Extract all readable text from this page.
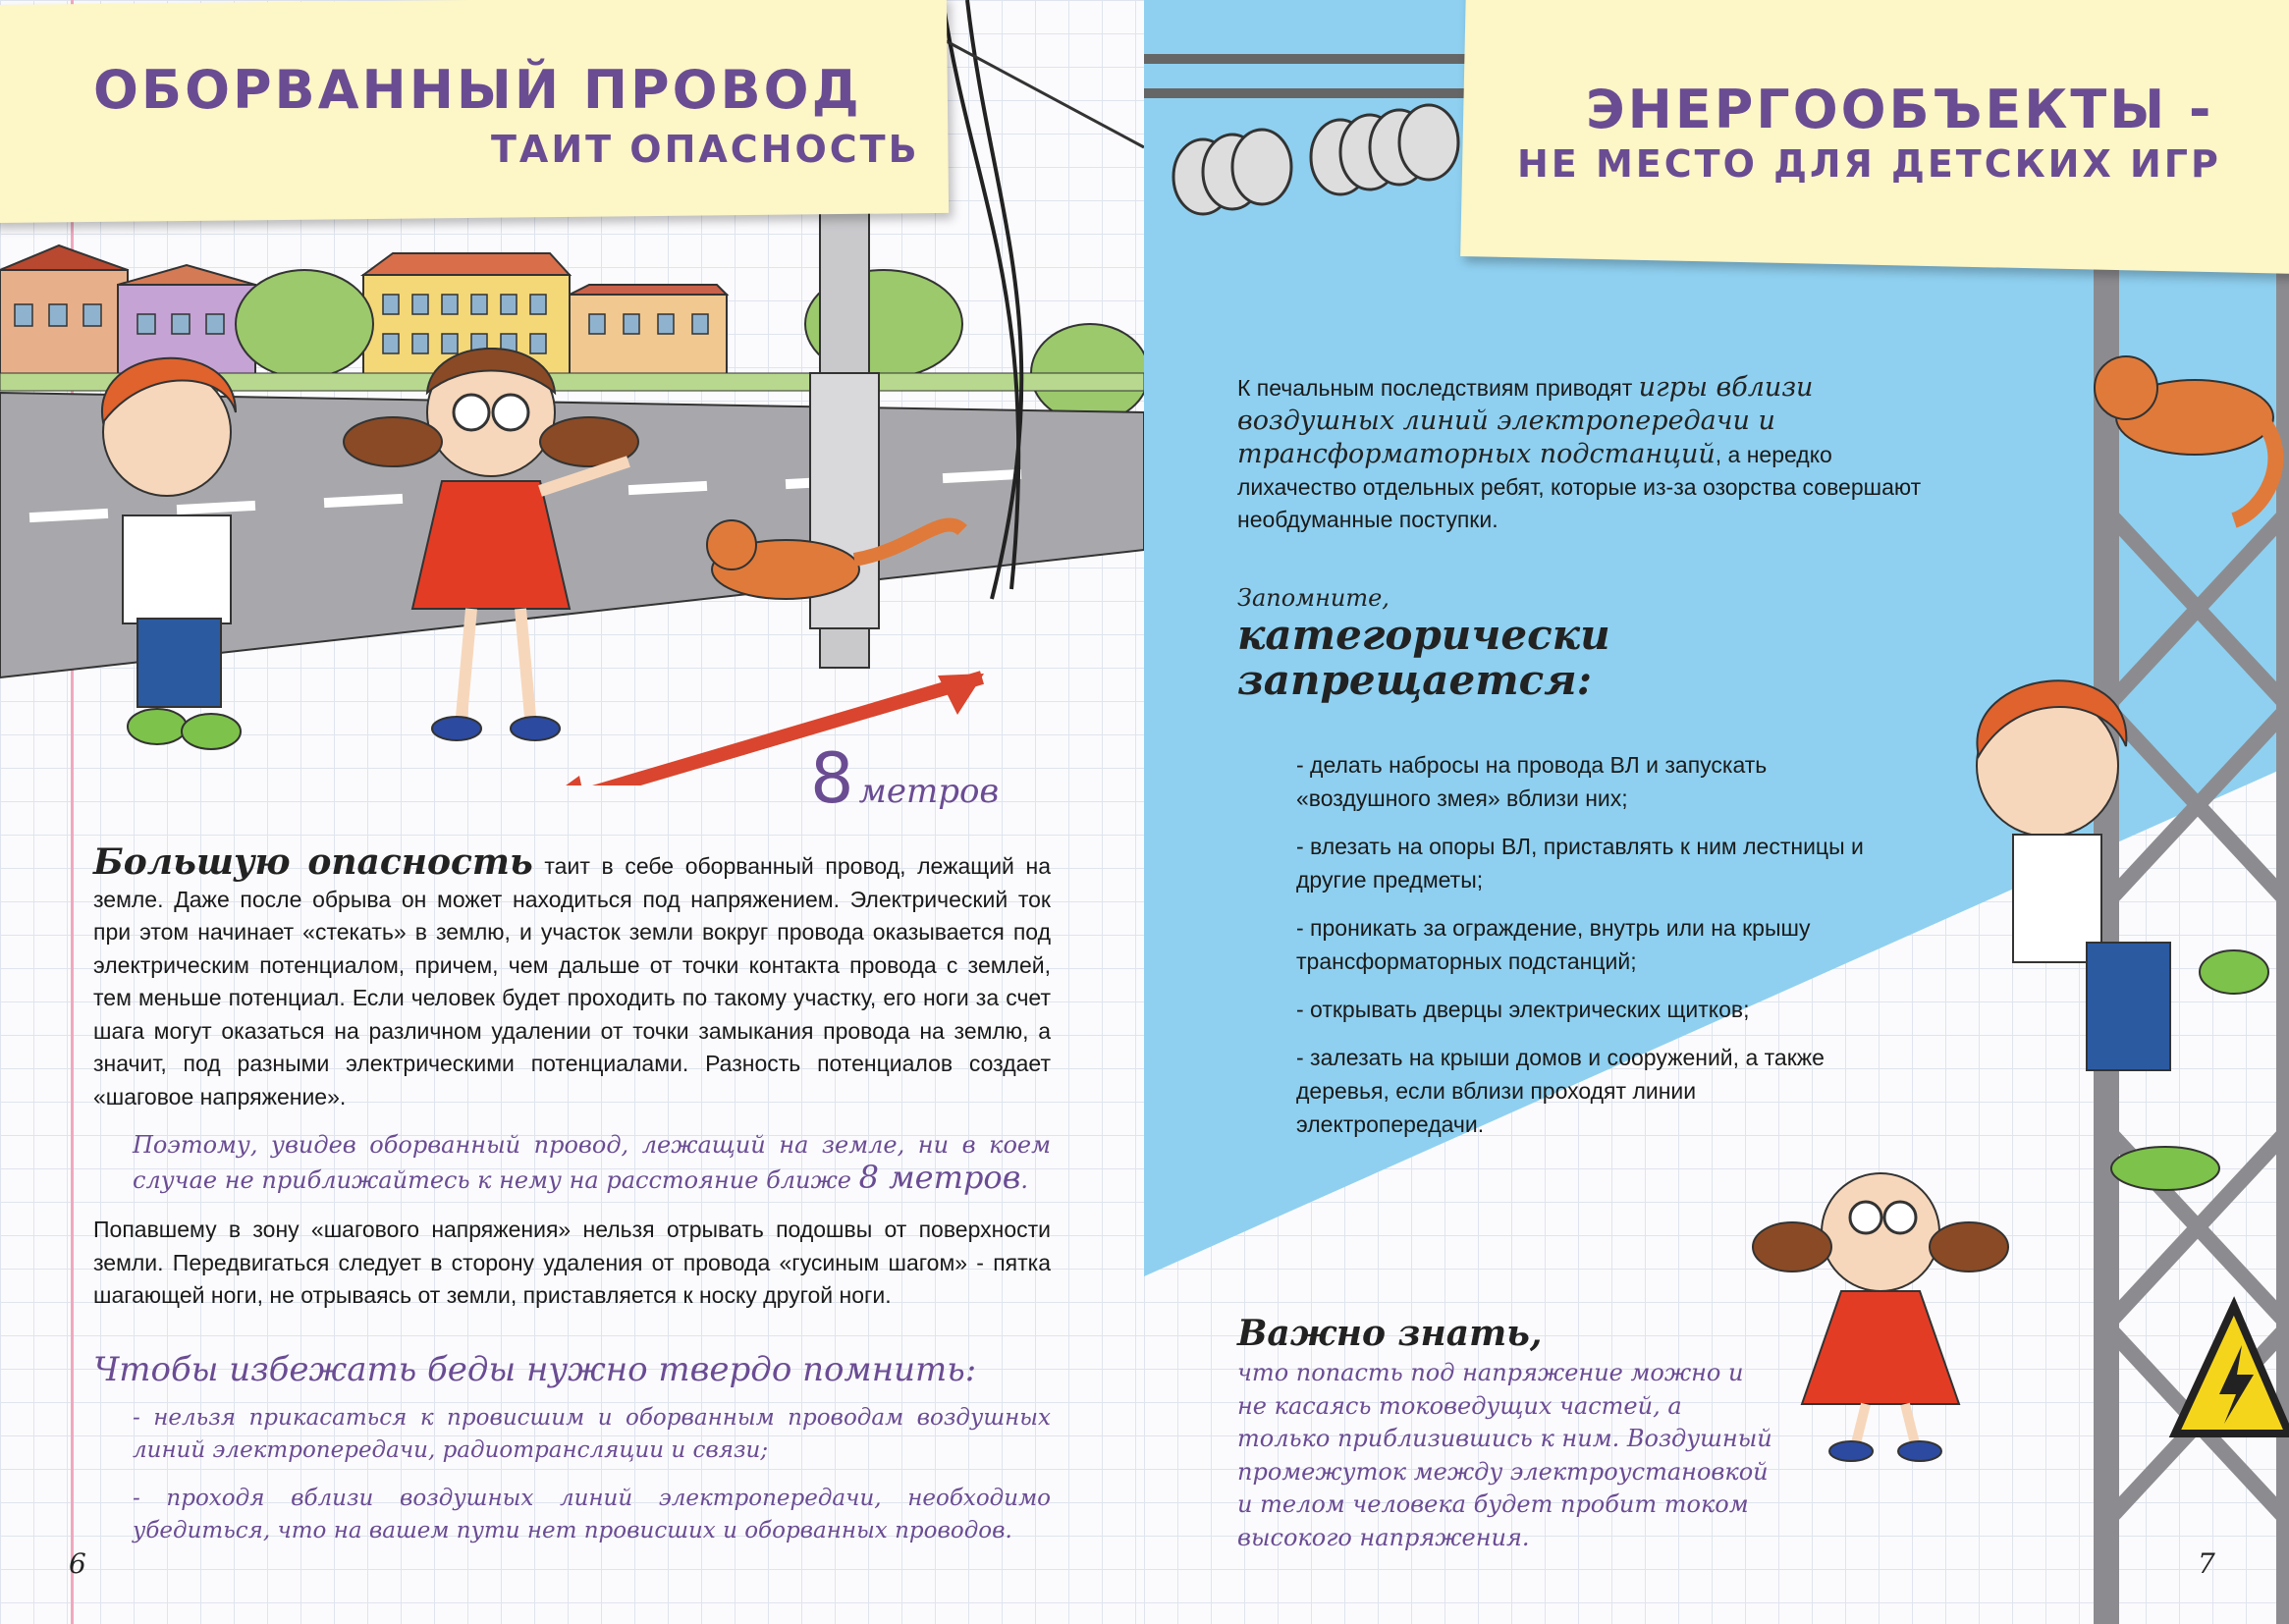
ОБОРВАННЫЙ ПРОВОД
ТАИТ ОПАСНОСТЬ
8 метров
Большую опасность таит в себе оборванный провод, лежащий на земле. Даже после обрыва он может находиться под напряжением. Электрический ток при этом начинает «стекать» в землю, и участок земли вокруг провода оказывается под электрическим потенциалом, причем, чем дальше от точки контакта провода с землей, тем меньше потенциал. Если человек будет проходить по такому участку, его ноги за счет шага могут оказаться на различном удалении от точки замыкания провода на землю, а значит, под разными электрическими потенциалами. Разность потенциалов создает «шаговое напряжение».
Поэтому, увидев оборванный провод, лежащий на земле, ни в коем случае не приближайтесь к нему на расстояние ближе 8 метров.
Попавшему в зону «шагового напряжения» нельзя отрывать подошвы от поверхности земли. Передвигаться следует в сторону удаления от провода «гусиным шагом» - пятка шагающей ноги, не отрываясь от земли, приставляется к носку другой ноги.
Чтобы избежать беды нужно твердо помнить:
- нельзя прикасаться к провисшим и оборванным проводам воздушных линий электропередачи, радиотрансляции и связи;
- проходя вблизи воздушных линий электропередачи, необходимо убедиться, что на вашем пути нет провисших и оборванных проводов.
6
ЭНЕРГООБЪЕКТЫ -
НЕ МЕСТО ДЛЯ ДЕТСКИХ ИГР
К печальным последствиям приводят игры вблизи воздушных линий электропередачи и трансформаторных подстанций, а нередко лихачество отдельных ребят, которые из-за озорства совершают необдуманные поступки.
Запомните,
категорически
запрещается:
- делать набросы на провода ВЛ и запускать «воздушного змея» вблизи них;
- влезать на опоры ВЛ, приставлять к ним лестницы и другие предметы;
- проникать за ограждение, внутрь или на крышу трансформаторных подстанций;
- открывать дверцы электрических щитков;
- залезать на крыши домов и сооружений, а также деревья, если вблизи проходят линии электропередачи.
Важно знать,
что попасть под напряжение можно и не касаясь токоведущих частей, а только приблизившись к ним. Воздушный промежуток между электроустановкой и телом человека будет пробит током высокого напряжения.
7
